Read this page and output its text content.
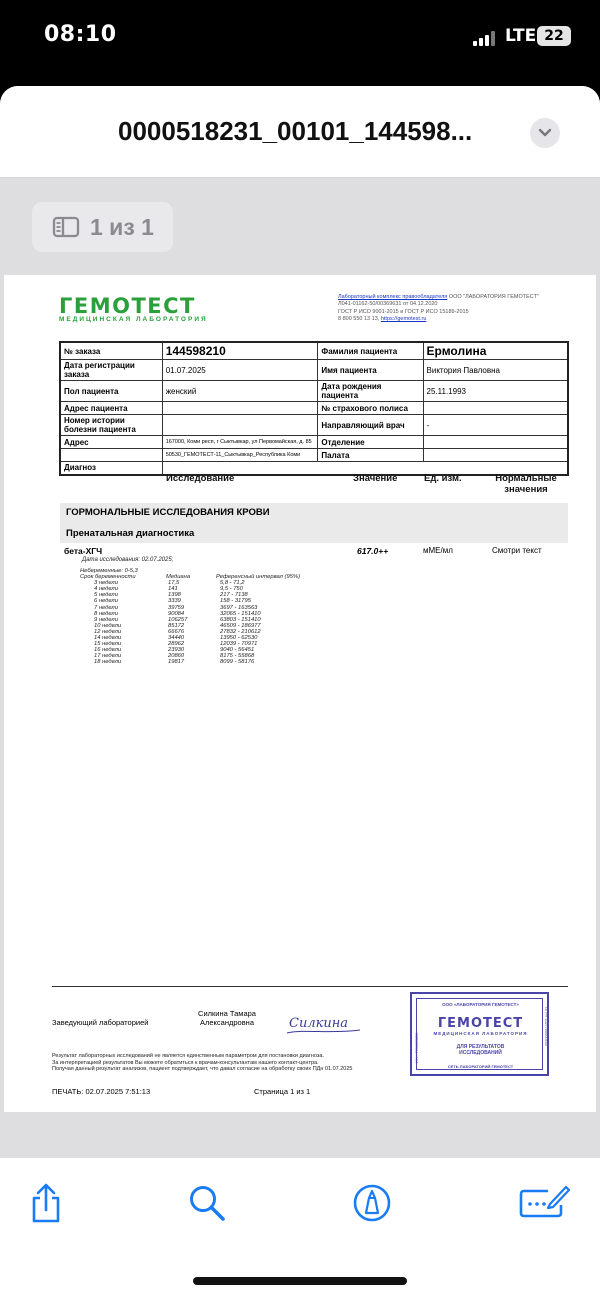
08:10	LTE 22
0000518231_00101_144598...
1 из 1
ГЕМОТЕСТ
МЕДИЦИНСКАЯ ЛАБОРАТОРИЯ
Лабораторный комплекс правообладателя ООО "ЛАБОРАТОРИЯ ГЕМОТЕСТ"
Л041-01162-50/00369631 от 04.12.2020
ГОСТ Р ИСО 9001-2015 и ГОСТ Р ИСО 15189-2015
8 800 550 13 13, https://gemotest.ru
№ заказа	144598210	Фамилия пациента	Ермолина
Дата регистрации заказа	01.07.2025	Имя пациента	Виктория Павловна
Пол пациента	женский	Дата рождения пациента	25.11.1993
Адрес пациента		№ страхового полиса	
Номер истории болезни пациента		Направляющий врач	-
Адрес	167000, Коми респ, г Сыктывкар, ул Первомайская, д. 85	Отделение	
	50530_ГЕМОТЕСТ-11_Сыктывкар_Республика Коми	Палата	
Диагноз			
Исследование	Значение	Ед. изм.	Нормальные значения
ГОРМОНАЛЬНЫЕ ИССЛЕДОВАНИЯ КРОВИ
Пренатальная диагностика
бета-ХГЧ	617.0++	мМЕ/мл	Смотри текст
Дата исследования: 02.07.2025;
Небеременные: 0-5,3
Срок беременности	Медиана	Референсный интервал (95%)
3 недели	17,5	5,8 - 71,2
4 недели	141	9,5 - 750
5 недели	1398	217 - 7138
6 недели	3339	158 - 31795
7 недели	39759	3697 - 163563
8 недели	90084	32065 - 151410
9 недели	106257	63803 - 151410
10 недели	85172	46509 - 186977
12 недели	66676	27832 - 210612
14 недели	34440	13950 - 62530
15 недели	28962	12039 - 70971
16 недели	23930	9040 - 56451
17 недели	20860	8175 - 55868
18 недели	19817	8099 - 58176
Заведующий лабораторией
Силкина Тамара
Александровна	Силкина
ООО «ЛАБОРАТОРИЯ ГЕМОТЕСТ»
ГЕМОТЕСТ
МЕДИЦИНСКАЯ ЛАБОРАТОРИЯ
ДЛЯ РЕЗУЛЬТАТОВ
ИССЛЕДОВАНИЙ
СЕТЬ ЛАБОРАТОРИЙ ГЕМОТЕСТ
ИНН 7706399650
ОГРН 1027700000443
Результат лабораторных исследований не является единственным параметром для постановки диагноза.
За интерпретацией результатов Вы можете обратиться к врачам-консультантам нашего контакт-центра.
Получая данный результат анализов, пациент подтверждает, что давал согласие на обработку своих ПДн 01.07.2025
ПЕЧАТЬ: 02.07.2025 7:51:13	Страница 1 из 1
